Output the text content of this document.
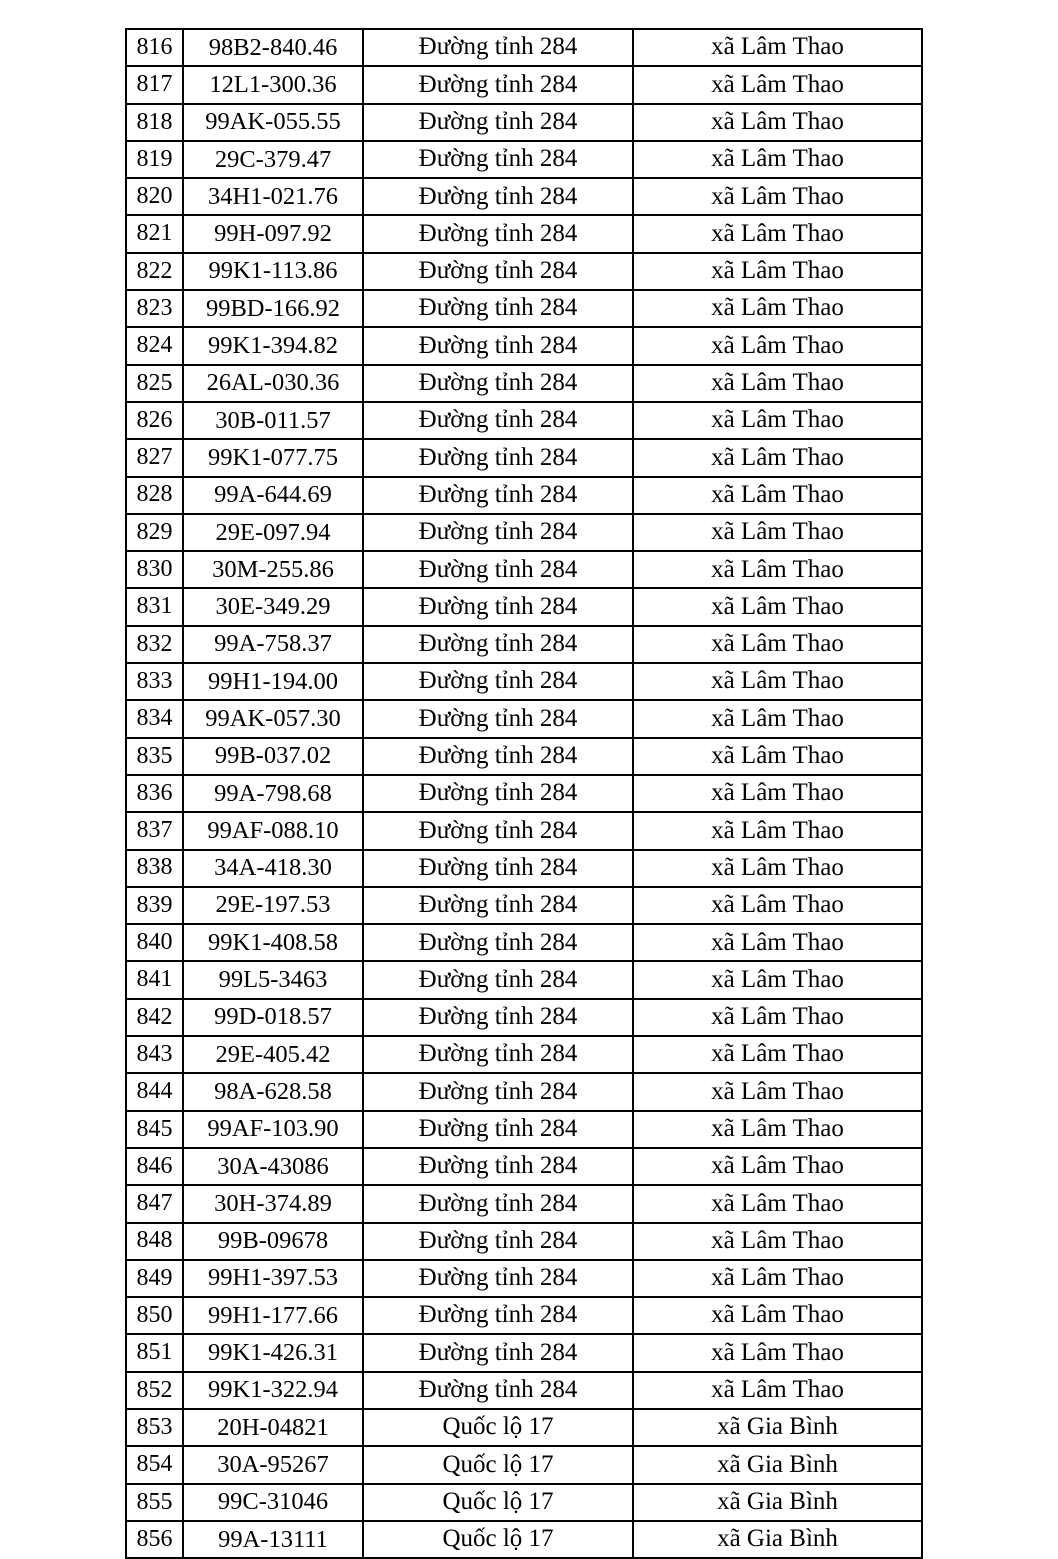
816	98B2-840.46	Đường tỉnh 284	xã Lâm Thao
817	12L1-300.36	Đường tỉnh 284	xã Lâm Thao
818	99AK-055.55	Đường tỉnh 284	xã Lâm Thao
819	29C-379.47	Đường tỉnh 284	xã Lâm Thao
820	34H1-021.76	Đường tỉnh 284	xã Lâm Thao
821	99H-097.92	Đường tỉnh 284	xã Lâm Thao
822	99K1-113.86	Đường tỉnh 284	xã Lâm Thao
823	99BD-166.92	Đường tỉnh 284	xã Lâm Thao
824	99K1-394.82	Đường tỉnh 284	xã Lâm Thao
825	26AL-030.36	Đường tỉnh 284	xã Lâm Thao
826	30B-011.57	Đường tỉnh 284	xã Lâm Thao
827	99K1-077.75	Đường tỉnh 284	xã Lâm Thao
828	99A-644.69	Đường tỉnh 284	xã Lâm Thao
829	29E-097.94	Đường tỉnh 284	xã Lâm Thao
830	30M-255.86	Đường tỉnh 284	xã Lâm Thao
831	30E-349.29	Đường tỉnh 284	xã Lâm Thao
832	99A-758.37	Đường tỉnh 284	xã Lâm Thao
833	99H1-194.00	Đường tỉnh 284	xã Lâm Thao
834	99AK-057.30	Đường tỉnh 284	xã Lâm Thao
835	99B-037.02	Đường tỉnh 284	xã Lâm Thao
836	99A-798.68	Đường tỉnh 284	xã Lâm Thao
837	99AF-088.10	Đường tỉnh 284	xã Lâm Thao
838	34A-418.30	Đường tỉnh 284	xã Lâm Thao
839	29E-197.53	Đường tỉnh 284	xã Lâm Thao
840	99K1-408.58	Đường tỉnh 284	xã Lâm Thao
841	99L5-3463	Đường tỉnh 284	xã Lâm Thao
842	99D-018.57	Đường tỉnh 284	xã Lâm Thao
843	29E-405.42	Đường tỉnh 284	xã Lâm Thao
844	98A-628.58	Đường tỉnh 284	xã Lâm Thao
845	99AF-103.90	Đường tỉnh 284	xã Lâm Thao
846	30A-43086	Đường tỉnh 284	xã Lâm Thao
847	30H-374.89	Đường tỉnh 284	xã Lâm Thao
848	99B-09678	Đường tỉnh 284	xã Lâm Thao
849	99H1-397.53	Đường tỉnh 284	xã Lâm Thao
850	99H1-177.66	Đường tỉnh 284	xã Lâm Thao
851	99K1-426.31	Đường tỉnh 284	xã Lâm Thao
852	99K1-322.94	Đường tỉnh 284	xã Lâm Thao
853	20H-04821	Quốc lộ 17	xã Gia Bình
854	30A-95267	Quốc lộ 17	xã Gia Bình
855	99C-31046	Quốc lộ 17	xã Gia Bình
856	99A-13111	Quốc lộ 17	xã Gia Bình
